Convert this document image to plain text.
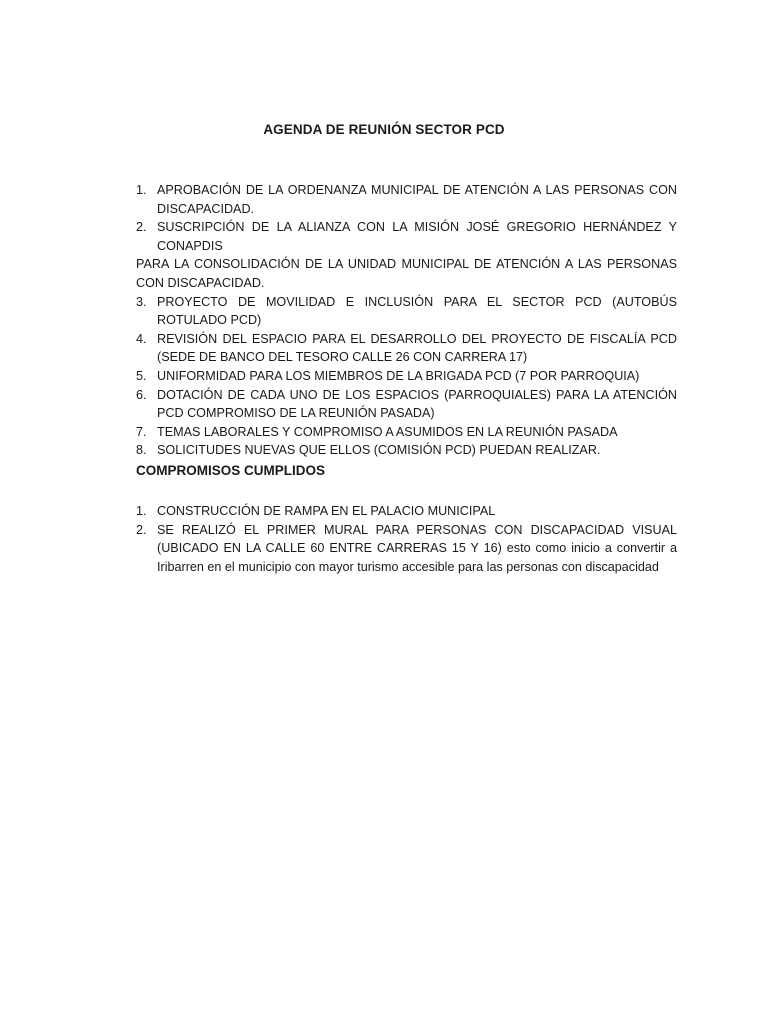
AGENDA DE REUNIÓN SECTOR PCD
1. APROBACIÓN DE LA ORDENANZA MUNICIPAL DE ATENCIÓN A LAS PERSONAS CON DISCAPACIDAD.
2. SUSCRIPCIÓN DE LA ALIANZA CON LA MISIÓN JOSÉ GREGORIO HERNÁNDEZ Y CONAPDIS

PARA LA CONSOLIDACIÓN DE LA UNIDAD MUNICIPAL DE ATENCIÓN A LAS PERSONAS CON DISCAPACIDAD.

3. PROYECTO DE MOVILIDAD E INCLUSIÓN PARA EL SECTOR PCD (AUTOBÚS ROTULADO PCD)
4. REVISIÓN DEL ESPACIO PARA EL DESARROLLO DEL PROYECTO DE FISCALÍA PCD (SEDE DE BANCO DEL TESORO CALLE 26 CON CARRERA 17)
5. UNIFORMIDAD PARA LOS MIEMBROS DE LA BRIGADA PCD (7 POR PARROQUIA)
6. DOTACIÓN DE CADA UNO DE LOS ESPACIOS (PARROQUIALES) PARA LA ATENCIÓN PCD COMPROMISO DE LA REUNIÓN PASADA)
7. TEMAS LABORALES Y COMPROMISO A ASUMIDOS EN LA REUNIÓN PASADA
8. SOLICITUDES NUEVAS QUE ELLOS (COMISIÓN PCD) PUEDAN REALIZAR.
COMPROMISOS CUMPLIDOS
1. CONSTRUCCIÓN DE RAMPA EN EL PALACIO MUNICIPAL
2. SE REALIZÓ EL PRIMER MURAL PARA PERSONAS CON DISCAPACIDAD VISUAL (UBICADO EN LA CALLE 60 ENTRE CARRERAS 15 Y 16) esto como inicio a convertir a Iribarren en el municipio con mayor turismo accesible para las personas con discapacidad
